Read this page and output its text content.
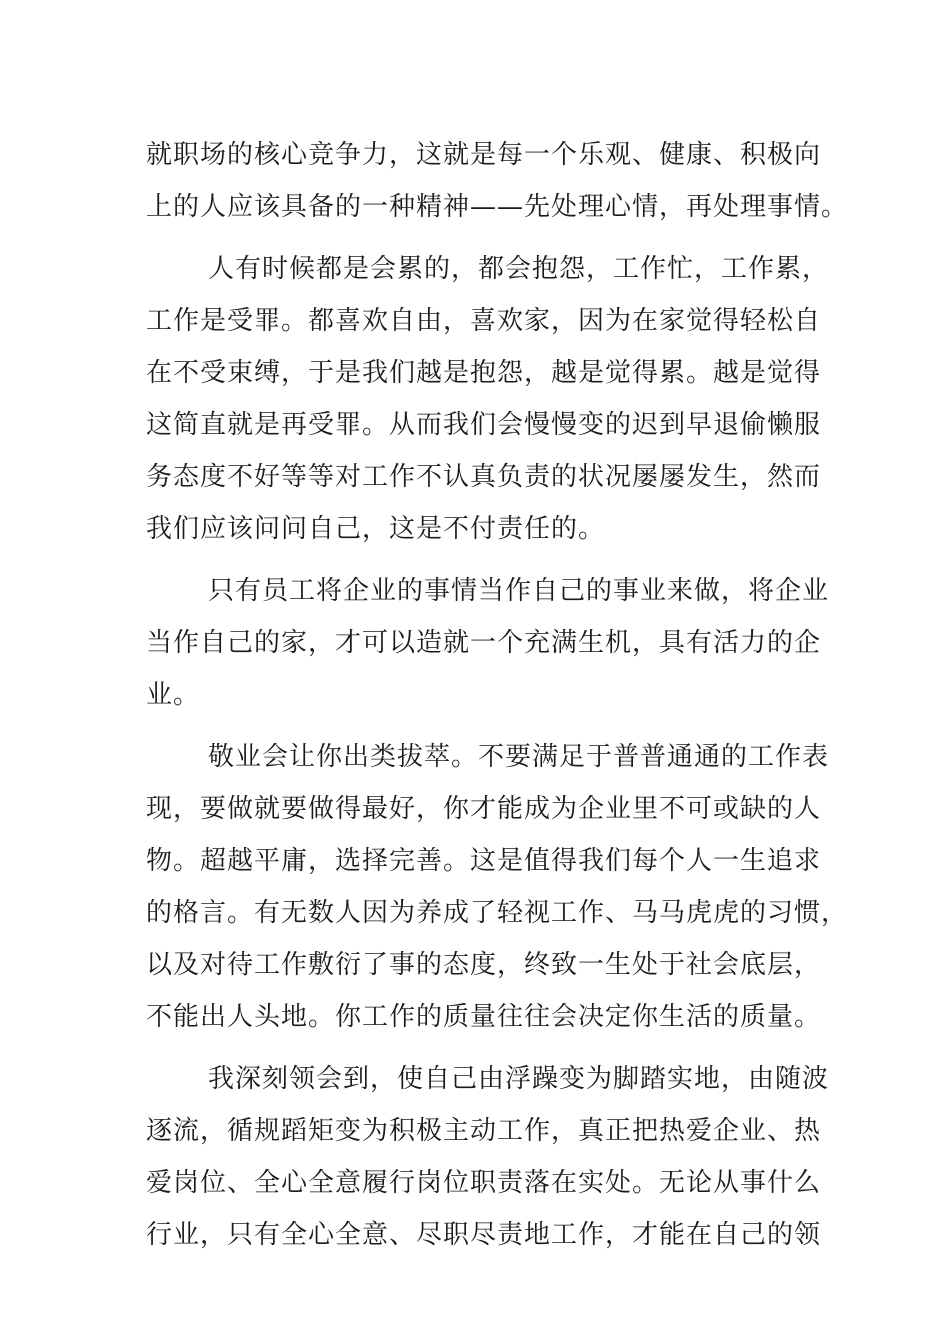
就职场的核心竞争力，这就是每一个乐观、健康、积极向
上的人应该具备的一种精神——先处理心情，再处理事情。
人有时候都是会累的，都会抱怨，工作忙，工作累，
工作是受罪。都喜欢自由，喜欢家，因为在家觉得轻松自
在不受束缚，于是我们越是抱怨，越是觉得累。越是觉得
这简直就是再受罪。从而我们会慢慢变的迟到早退偷懒服
务态度不好等等对工作不认真负责的状况屡屡发生，然而
我们应该问问自己，这是不付责任的。
只有员工将企业的事情当作自己的事业来做，将企业
当作自己的家，才可以造就一个充满生机，具有活力的企
业。
敬业会让你出类拔萃。不要满足于普普通通的工作表
现，要做就要做得最好，你才能成为企业里不可或缺的人
物。超越平庸，选择完善。这是值得我们每个人一生追求
的格言。有无数人因为养成了轻视工作、马马虎虎的习惯，
以及对待工作敷衍了事的态度，终致一生处于社会底层，
不能出人头地。你工作的质量往往会决定你生活的质量。
我深刻领会到，使自己由浮躁变为脚踏实地，由随波
逐流，循规蹈矩变为积极主动工作，真正把热爱企业、热
爱岗位、全心全意履行岗位职责落在实处。无论从事什么
行业，只有全心全意、尽职尽责地工作，才能在自己的领
